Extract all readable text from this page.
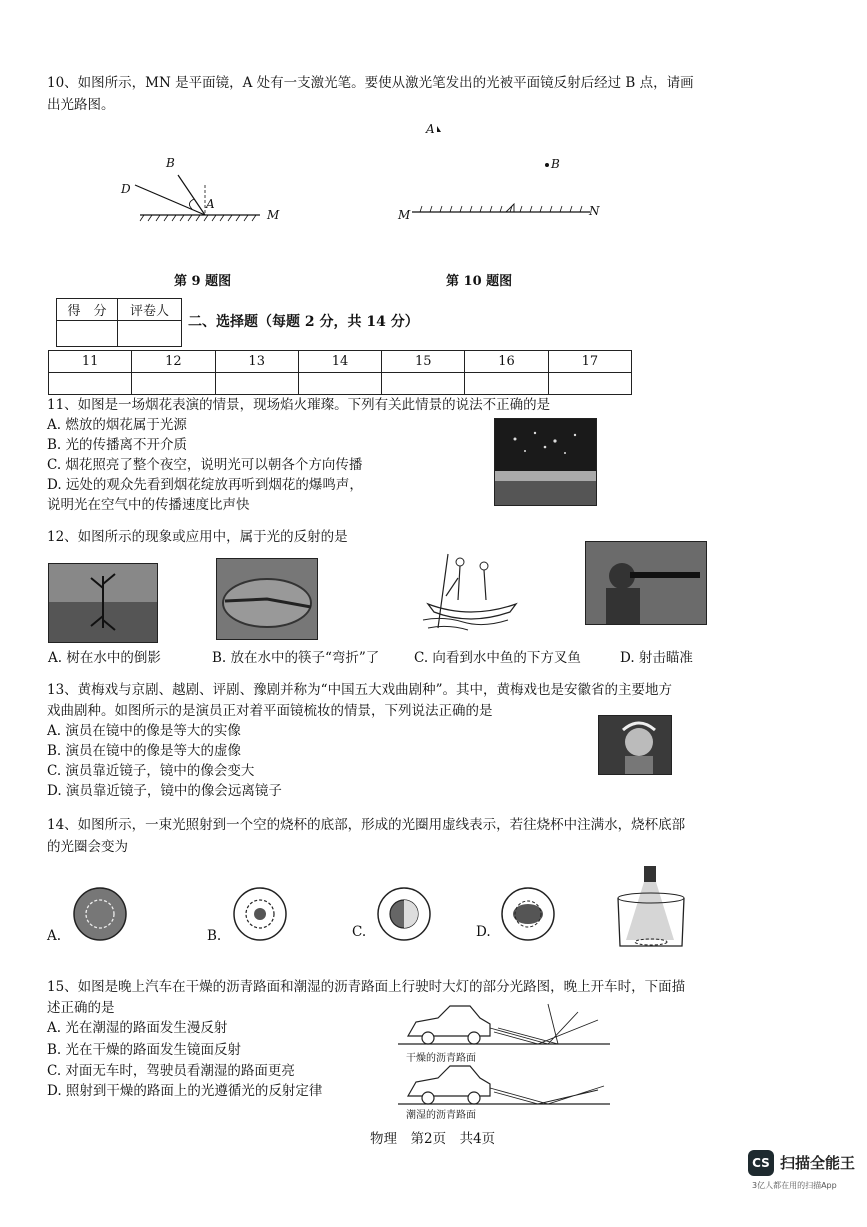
10、如图所示，MN 是平面镜，A 处有一支激光笔。要使从激光笔发出的光被平面镜反射后经过 B 点，请画
出光路图。
B
D
A
M
第 9 题图
A
B
M	N
第 10 题图
得　分	评卷人

二、选择题（每题 2 分，共 14 分）
11	12	13	14	15	16	17

11、如图是一场烟花表演的情景，现场焰火璀璨。下列有关此情景的说法不正确的是
A. 燃放的烟花属于光源
B. 光的传播离不开介质
C. 烟花照亮了整个夜空，说明光可以朝各个方向传播
D. 远处的观众先看到烟花绽放再听到烟花的爆鸣声，
说明光在空气中的传播速度比声快
12、如图所示的现象或应用中，属于光的反射的是
A. 树在水中的倒影	B. 放在水中的筷子“弯折”了	C. 向看到水中鱼的下方叉鱼	D. 射击瞄准
13、黄梅戏与京剧、越剧、评剧、豫剧并称为“中国五大戏曲剧种”。其中，黄梅戏也是安徽省的主要地方
戏曲剧种。如图所示的是演员正对着平面镜梳妆的情景，下列说法正确的是
A. 演员在镜中的像是等大的实像
B. 演员在镜中的像是等大的虚像
C. 演员靠近镜子，镜中的像会变大
D. 演员靠近镜子，镜中的像会远离镜子
14、如图所示，一束光照射到一个空的烧杯的底部，形成的光圈用虚线表示，若往烧杯中注满水，烧杯底部
的光圈会变为
A.	B.	C.	D.
15、如图是晚上汽车在干燥的沥青路面和潮湿的沥青路面上行驶时大灯的部分光路图，晚上开车时，下面描
述正确的是
A. 光在潮湿的路面发生漫反射
B. 光在干燥的路面发生镜面反射
C. 对面无车时，驾驶员看潮湿的路面更亮
D. 照射到干燥的路面上的光遵循光的反射定律
干燥的沥青路面
潮湿的沥青路面
物理　第2页　共4页
CS 扫描全能王
3亿人都在用的扫描App
